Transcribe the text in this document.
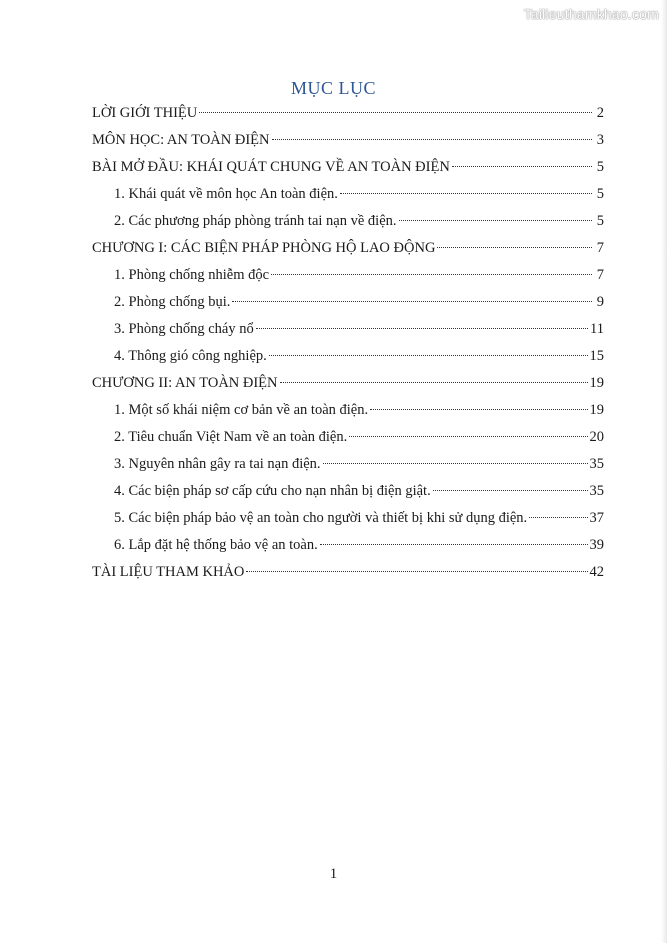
Tailieuthamkhao.com
MỤC LỤC
LỜI GIỚI THIỆU	2
MÔN HỌC: AN TOÀN ĐIỆN	3
BÀI MỞ ĐẦU: KHÁI QUÁT CHUNG VỀ AN TOÀN ĐIỆN	5
1. Khái quát về môn học An toàn điện.	5
2. Các phương pháp phòng tránh tai nạn về điện.	5
CHƯƠNG I: CÁC BIỆN PHÁP PHÒNG HỘ LAO ĐỘNG	7
1. Phòng chống nhiễm độc	7
2. Phòng chống bụi.	9
3. Phòng chống cháy nổ	11
4. Thông gió công nghiệp.	15
CHƯƠNG II: AN TOÀN ĐIỆN	19
1. Một số khái niệm cơ bản về an toàn điện.	19
2. Tiêu chuẩn Việt Nam về an toàn điện.	20
3. Nguyên nhân gây ra tai nạn điện.	35
4. Các biện pháp sơ cấp cứu cho nạn nhân bị điện giật.	35
5. Các biện pháp bảo vệ an toàn cho người và thiết bị khi sử dụng điện.	37
6. Lắp đặt hệ thống bảo vệ an toàn.	39
TÀI LIỆU THAM KHẢO	42
1
